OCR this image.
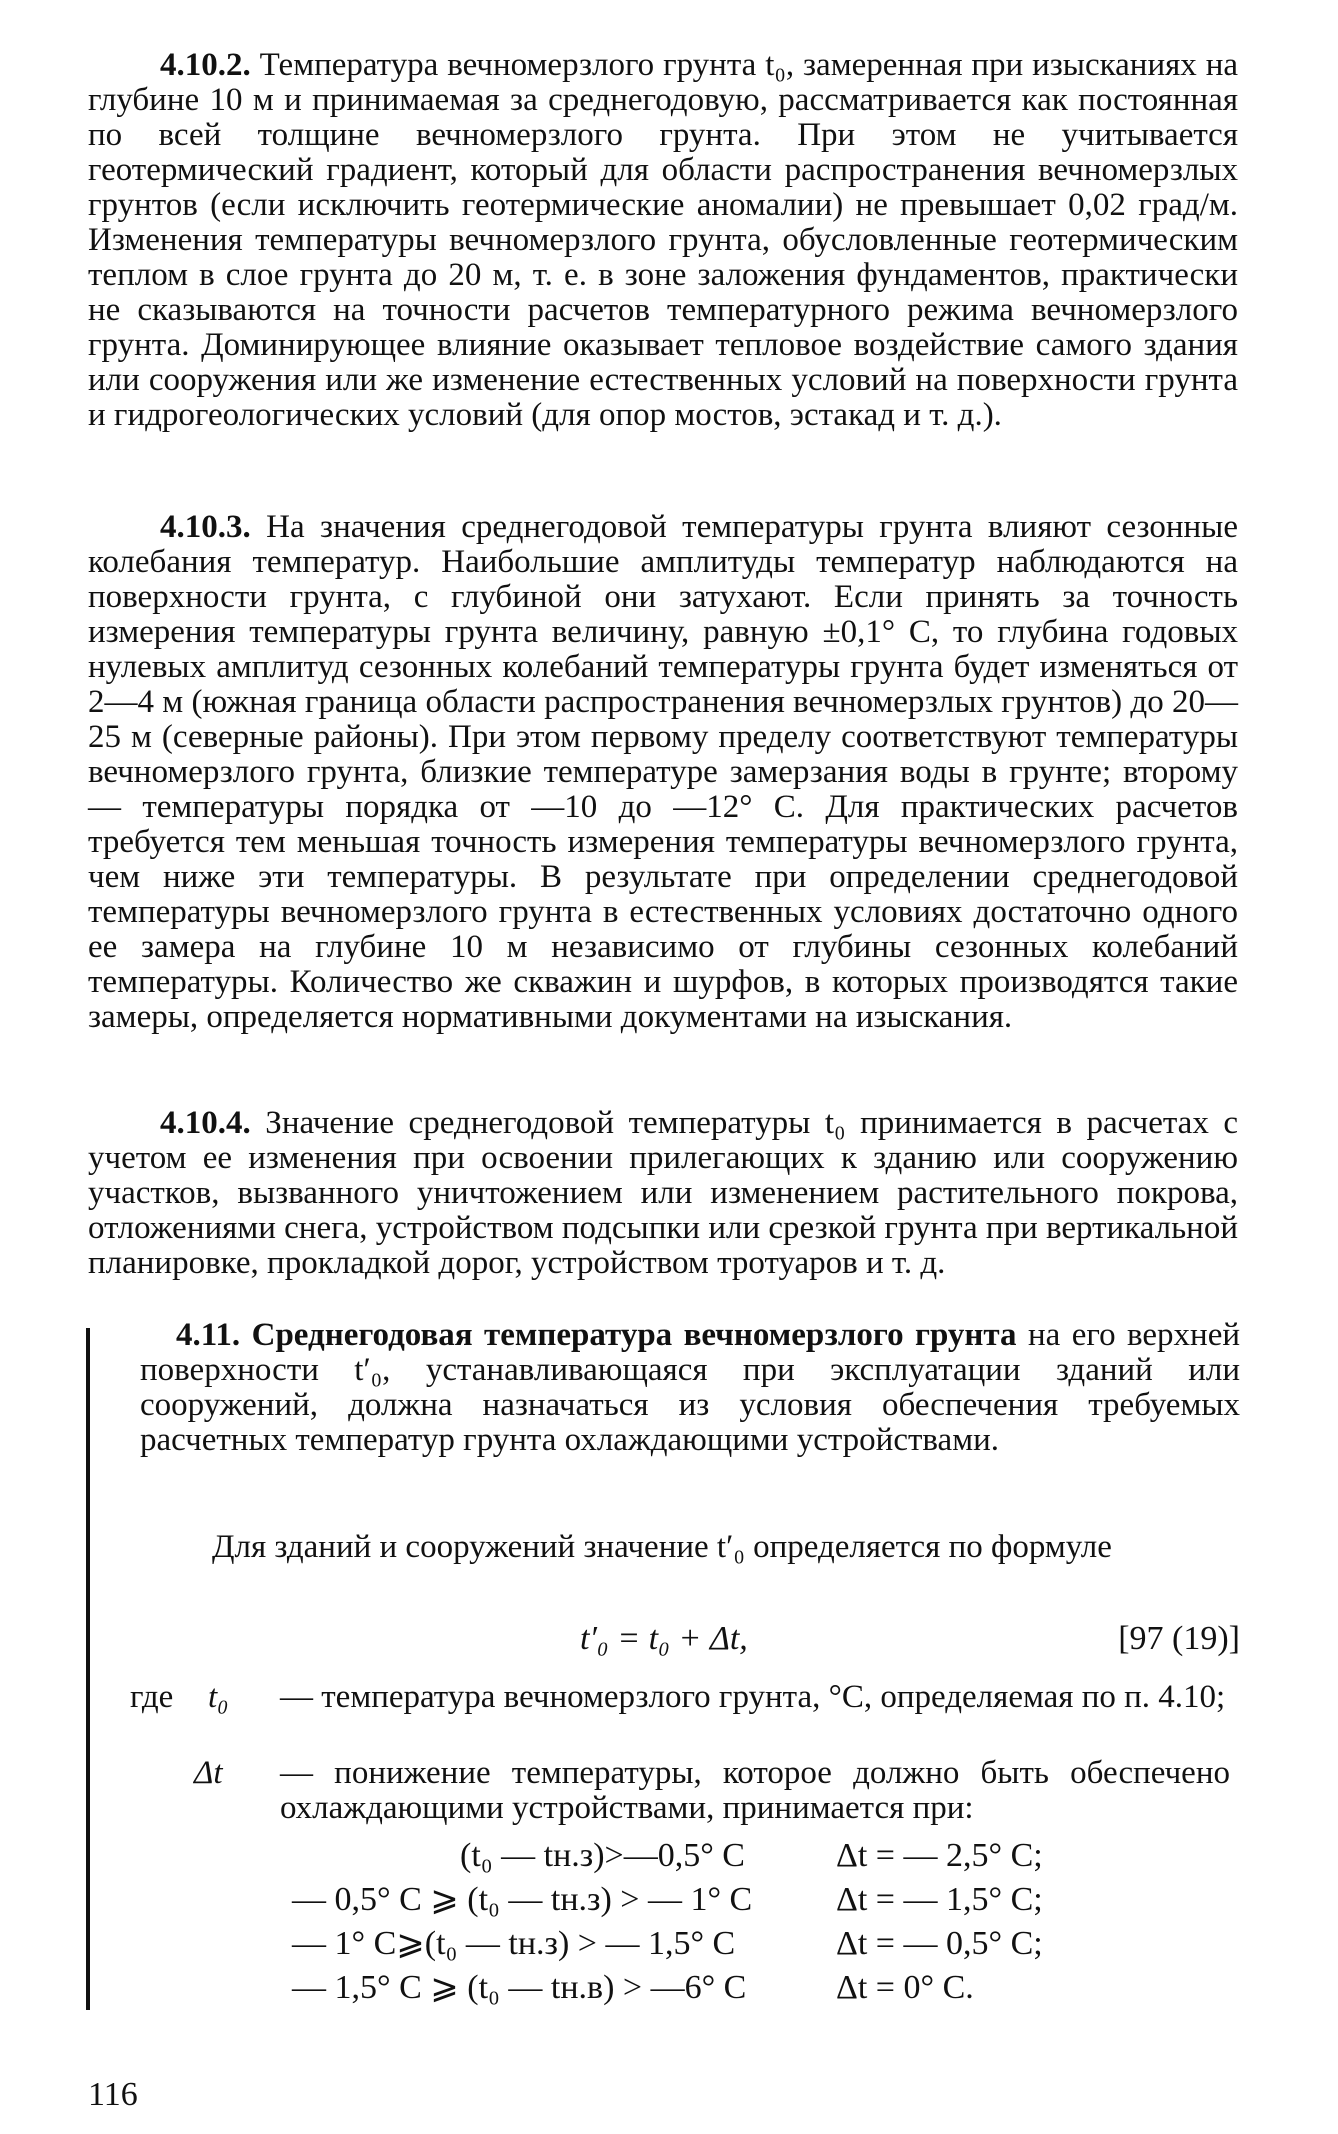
4.10.2. Температура вечномерзлого грунта t₀, замеренная при изысканиях на глубине 10 м и принимаемая за среднегодовую, рассматривается как постоянная по всей толщине вечномерзлого грунта. При этом не учитывается геотермический градиент, который для области распространения вечномерзлых грунтов (если исключить геотермические аномалии) не превышает 0,02 град/м. Изменения температуры вечномерзлого грунта, обусловленные геотермическим теплом в слое грунта до 20 м, т. е. в зоне заложения фундаментов, практически не сказываются на точности расчетов температурного режима вечномерзлого грунта. Доминирующее влияние оказывает тепловое воздействие самого здания или сооружения или же изменение естественных условий на поверхности грунта и гидрогеологических условий (для опор мостов, эстакад и т. д.).

4.10.3. На значения среднегодовой температуры грунта влияют сезонные колебания температур. Наибольшие амплитуды температур наблюдаются на поверхности грунта, с глубиной они затухают. Если принять за точность измерения температуры грунта величину, равную ±0,1° С, то глубина годовых нулевых амплитуд сезонных колебаний температуры грунта будет изменяться от 2—4 м (южная граница области распространения вечномерзлых грунтов) до 20—25 м (северные районы). При этом первому пределу соответствуют температуры вечномерзлого грунта, близкие температуре замерзания воды в грунте; второму — температуры порядка от —10 до —12° С. Для практических расчетов требуется тем меньшая точность измерения температуры вечномерзлого грунта, чем ниже эти температуры. В результате при определении среднегодовой температуры вечномерзлого грунта в естественных условиях достаточно одного ее замера на глубине 10 м независимо от глубины сезонных колебаний температуры. Количество же скважин и шурфов, в которых производятся такие замеры, определяется нормативными документами на изыскания.

4.10.4. Значение среднегодовой температуры t₀ принимается в расчетах с учетом ее изменения при освоении прилегающих к зданию или сооружению участков, вызванного уничтожением или изменением растительного покрова, отложениями снега, устройством подсыпки или срезкой грунта при вертикальной планировке, прокладкой дорог, устройством тротуаров и т. д.

4.11. Среднегодовая температура вечномерзлого грунта на его верхней поверхности t′₀, устанавливающаяся при эксплуатации зданий или сооружений, должна назначаться из условия обеспечения требуемых расчетных температур грунта охлаждающими устройствами.

Для зданий и сооружений значение t′₀ определяется по формуле

t′₀ = t₀ + Δt,	[97 (19)]
где t₀ — температура вечномерзлого грунта, °С, определяемая по п. 4.10;
Δt — понижение температуры, которое должно быть обеспечено охлаждающими устройствами, принимается при:
(t₀ — tн.з)>—0,5° С	Δt = — 2,5° С;
— 0,5° С ⩾ (t₀ — tн.з) > — 1° С Δt = — 1,5° С;
— 1° С⩾(t₀ — tн.з) > — 1,5° С	Δt = — 0,5° С;
— 1,5° С ⩾ (t₀ — tн.в) > —6° С	Δt = 0° С.
116
